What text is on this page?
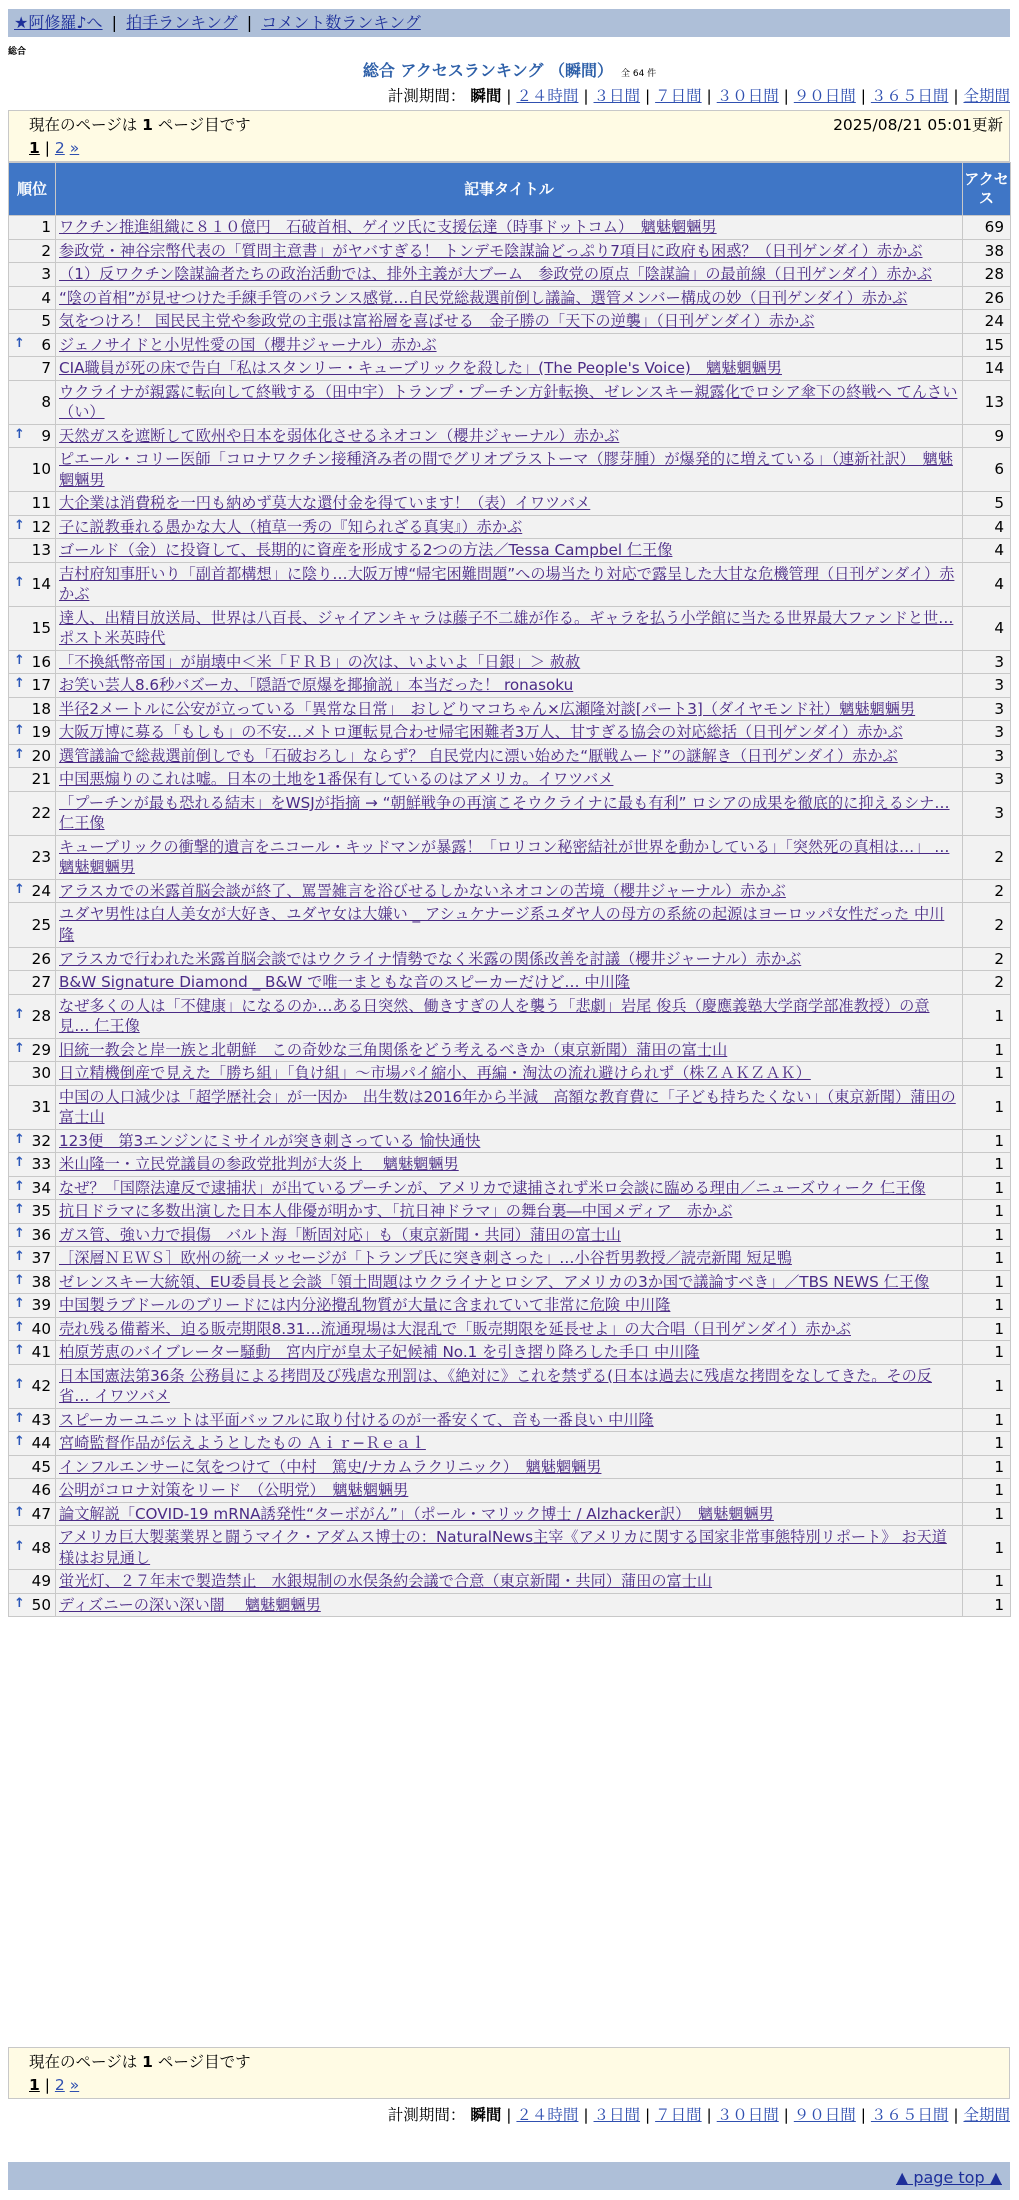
★阿修羅♪へ | 拍手ランキング | コメント数ランキング
総合
総合 アクセスランキング （瞬間） 全 64 件
計測期間： 瞬間 | ２４時間 | ３日間 | ７日間 | ３０日間 | ９０日間 | ３６５日間 | 全期間
現在のページは 1 ページ目です	2025/08/21 05:01更新
1 | 2 »
順位	記事タイトル	アクセス
1	ワクチン推進組織に８１０億円　石破首相、ゲイツ氏に支援伝達（時事ドットコム）　魑魅魍魎男	69
2	参政党・神谷宗幣代表の「質問主意書」がヤバすぎる！ トンデモ陰謀論どっぷり7項目に政府も困惑？（日刊ゲンダイ）赤かぶ	38
3	（1）反ワクチン陰謀論者たちの政治活動では、排外主義が大ブーム　参政党の原点「陰謀論」の最前線（日刊ゲンダイ）赤かぶ	28
4	“陰の首相”が見せつけた手練手管のバランス感覚…自民党総裁選前倒し議論、選管メンバー構成の妙（日刊ゲンダイ）赤かぶ	26
5	気をつけろ！ 国民民主党や参政党の主張は富裕層を喜ばせる　金子勝の「天下の逆襲」（日刊ゲンダイ）赤かぶ	24

↑ 6	ジェノサイドと小児性愛の国（櫻井ジャーナル）赤かぶ	15
7	CIA職員が死の床で告白「私はスタンリー・キューブリックを殺した」(The People's Voice)　魑魅魍魎男	14
8	ウクライナが親露に転向して終戦する（田中宇）トランプ・プーチン方針転換、ゼレンスキー親露化でロシア傘下の終戦へ てんさい（い）	13

↑ 9	天然ガスを遮断して欧州や日本を弱体化させるネオコン（櫻井ジャーナル）赤かぶ	9
10	ピエール・コリー医師「コロナワクチン接種済み者の間でグリオブラストーマ（膠芽腫）が爆発的に増えている」（連新社訳）　魑魅魍魎男	6
11	大企業は消費税を一円も納めず莫大な還付金を得ています！（表）イワツバメ	5

↑ 12	子に説教垂れる愚かな大人（植草一秀の『知られざる真実』）赤かぶ	4
13	ゴールド（金）に投資して、長期的に資産を形成する2つの方法／Tessa Campbel 仁王像	4

↑ 14	吉村府知事肝いり「副首都構想」に陰り…大阪万博“帰宅困難問題”への場当たり対応で露呈した大甘な危機管理（日刊ゲンダイ）赤かぶ	4
15	達人、出精目放送局、世界は八百長、ジャイアンキャラは藤子不二雄が作る。ギャラを払う小学館に当たる世界最大ファンドと世… ポスト米英時代	4

↑ 16	「不換紙幣帝国」が崩壊中＜米「ＦＲＢ」の次は、いよいよ「日銀」＞ 赦赦	3

↑ 17	お笑い芸人8.6秒バズーカ、「隠語で原爆を揶揄説」本当だった！ ronasoku	3
18	半径2メートルに公安が立っている「異常な日常」　おしどりマコちゃん×広瀬隆対談[パート3]（ダイヤモンド社）魑魅魍魎男	3

↑ 19	大阪万博に募る「もしも」の不安…メトロ運転見合わせ帰宅困難者3万人、甘すぎる協会の対応総括（日刊ゲンダイ）赤かぶ	3

↑ 20	選管議論で総裁選前倒しでも「石破おろし」ならず？ 自民党内に漂い始めた“厭戦ムード”の謎解き（日刊ゲンダイ）赤かぶ	3
21	中国悪煽りのこれは嘘。日本の土地を1番保有しているのはアメリカ。イワツバメ	3
22	「プーチンが最も恐れる結末」をWSJが指摘 → “朝鮮戦争の再演こそウクライナに最も有利” ロシアの成果を徹底的に抑えるシナ… 仁王像	3
23	キューブリックの衝撃的遺言をニコール・キッドマンが暴露！「ロリコン秘密結社が世界を動かしている」「突然死の真相は…」 … 魑魅魍魎男	2

↑ 24	アラスカでの米露首脳会談が終了、罵詈雑言を浴びせるしかないネオコンの苦境（櫻井ジャーナル）赤かぶ	2
25	ユダヤ男性は白人美女が大好き、ユダヤ女は大嫌い _ アシュケナージ系ユダヤ人の母方の系統の起源はヨーロッパ女性だった 中川隆	2
26	アラスカで行われた米露首脳会談ではウクライナ情勢でなく米露の関係改善を討議（櫻井ジャーナル）赤かぶ	2
27	B&W Signature Diamond _ B&W で唯一まともな音のスピーカーだけど… 中川隆	2

↑ 28	なぜ多くの人は「不健康」になるのか…ある日突然、働きすぎの人を襲う「悲劇」岩尾 俊兵（慶應義塾大学商学部准教授）の意見… 仁王像	1

↑ 29	旧統一教会と岸一族と北朝鮮　この奇妙な三角関係をどう考えるべきか（東京新聞）蒲田の富士山	1
30	日立精機倒産で見えた「勝ち組」「負け組」〜市場パイ縮小、再編・淘汰の流れ避けられず（株ＺＡＫＺＡＫ）	1
31	中国の人口減少は「超学歴社会」が一因か　出生数は2016年から半減　高額な教育費に「子ども持ちたくない」（東京新聞）蒲田の富士山	1

↑ 32	123便　第3エンジンにミサイルが突き刺さっている 愉快通快	1

↑ 33	米山隆一・立民党議員の参政党批判が大炎上　 魑魅魍魎男	1

↑ 34	なぜ？「国際法違反で逮捕状」が出ているプーチンが、アメリカで逮捕されず米ロ会談に臨める理由／ニューズウィーク 仁王像	1

↑ 35	抗日ドラマに多数出演した日本人俳優が明かす、「抗日神ドラマ」の舞台裏―中国メディア　赤かぶ	1

↑ 36	ガス管、強い力で損傷　バルト海「断固対応」も（東京新聞・共同）蒲田の富士山	1

↑ 37	［深層ＮＥＷＳ］欧州の統一メッセージが「トランプ氏に突き刺さった」…小谷哲男教授／読売新聞 短足鴨	1

↑ 38	ゼレンスキー大統領、EU委員長と会談「領土問題はウクライナとロシア、アメリカの3か国で議論すべき」／TBS NEWS 仁王像	1

↑ 39	中国製ラブドールのブリードには内分泌攪乱物質が大量に含まれていて非常に危険 中川隆	1

↑ 40	売れ残る備蓄米、迫る販売期限8.31…流通現場は大混乱で「販売期限を延長せよ」の大合唱（日刊ゲンダイ）赤かぶ	1

↑ 41	柏原芳恵のバイブレーター騒動　宮内庁が皇太子妃候補 No.1 を引き摺り降ろした手口 中川隆	1

↑ 42	日本国憲法第36条 公務員による拷問及び残虐な刑罰は、《絶対に》これを禁ずる(日本は過去に残虐な拷問をなしてきた。その反省… イワツバメ	1

↑ 43	スピーカーユニットは平面バッフルに取り付けるのが一番安くて、音も一番良い 中川隆	1

↑ 44	宮崎監督作品が伝えようとしたもの Ａｉｒ−Ｒｅａｌ	1
45	インフルエンサーに気をつけて（中村　篤史/ナカムラクリニック）　魑魅魍魎男	1
46	公明がコロナ対策をリード　（公明党）　魑魅魍魎男	1

↑ 47	論文解説「COVID-19 mRNA誘発性“ターボがん”」（ポール・マリック博士 / Alzhacker訳）　魑魅魍魎男	1

↑ 48	アメリカ巨大製薬業界と闘うマイク・アダムス博士の：NaturalNews主宰《アメリカに関する国家非常事態特別リポート》 お天道様はお見通し	1
49	蛍光灯、２７年末で製造禁止　水銀規制の水俣条約会議で合意（東京新聞・共同）蒲田の富士山	1

↑ 50	ディズニーの深い深い闇　 魑魅魍魎男	1
現在のページは 1 ページ目です
1 | 2 »
計測期間： 瞬間 | ２４時間 | ３日間 | ７日間 | ３０日間 | ９０日間 | ３６５日間 | 全期間
▲ page top ▲
